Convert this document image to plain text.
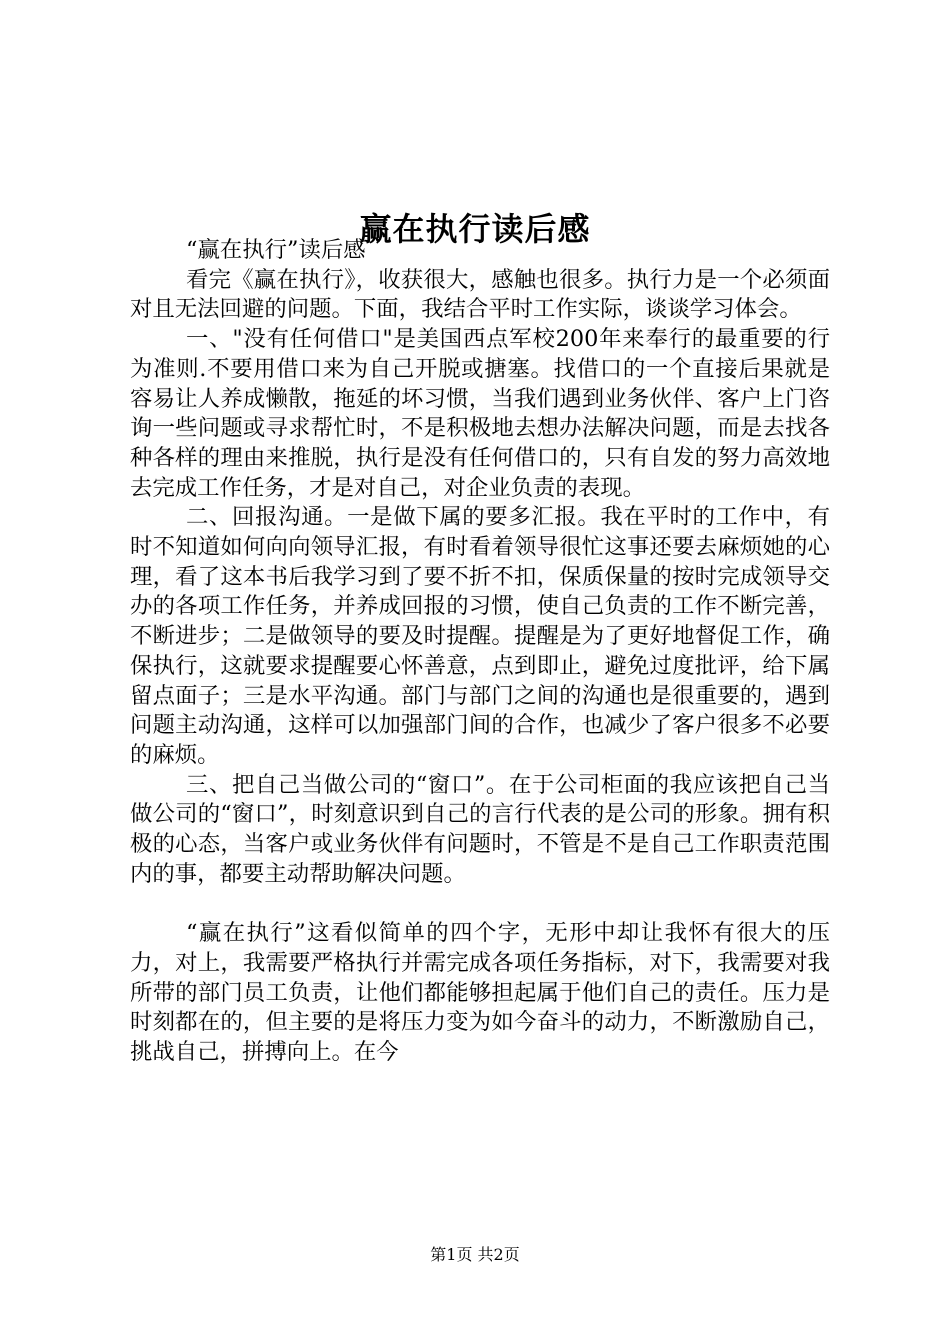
赢在执行读后感

“赢在执行”读后感

看完《赢在执行》，收获很大，感触也很多。执行力是一个必须面对且无法回避的问题。下面，我结合平时工作实际，谈谈学习体会。

一、"没有任何借口"是美国西点军校200年来奉行的最重要的行为准则.不要用借口来为自己开脱或搪塞。找借口的一个直接后果就是容易让人养成懒散，拖延的坏习惯，当我们遇到业务伙伴、客户上门咨询一些问题或寻求帮忙时，不是积极地去想办法解决问题，而是去找各种各样的理由来推脱，执行是没有任何借口的，只有自发的努力高效地去完成工作任务，才是对自己，对企业负责的表现。

二、回报沟通。一是做下属的要多汇报。我在平时的工作中，有时不知道如何向向领导汇报，有时看着领导很忙这事还要去麻烦她的心理，看了这本书后我学习到了要不折不扣，保质保量的按时完成领导交办的各项工作任务，并养成回报的习惯，使自己负责的工作不断完善，不断进步；二是做领导的要及时提醒。提醒是为了更好地督促工作，确保执行，这就要求提醒要心怀善意，点到即止，避免过度批评，给下属留点面子；三是水平沟通。部门与部门之间的沟通也是很重要的，遇到问题主动沟通，这样可以加强部门间的合作，也减少了客户很多不必要的麻烦。

三、把自己当做公司的“窗口”。在于公司柜面的我应该把自己当做公司的“窗口”，时刻意识到自己的言行代表的是公司的形象。拥有积极的心态，当客户或业务伙伴有问题时，不管是不是自己工作职责范围内的事，都要主动帮助解决问题。

“赢在执行”这看似简单的四个字，无形中却让我怀有很大的压力，对上，我需要严格执行并需完成各项任务指标，对下，我需要对我所带的部门员工负责，让他们都能够担起属于他们自己的责任。压力是时刻都在的，但主要的是将压力变为如今奋斗的动力，不断激励自己，挑战自己，拼搏向上。在今

第1页 共2页
